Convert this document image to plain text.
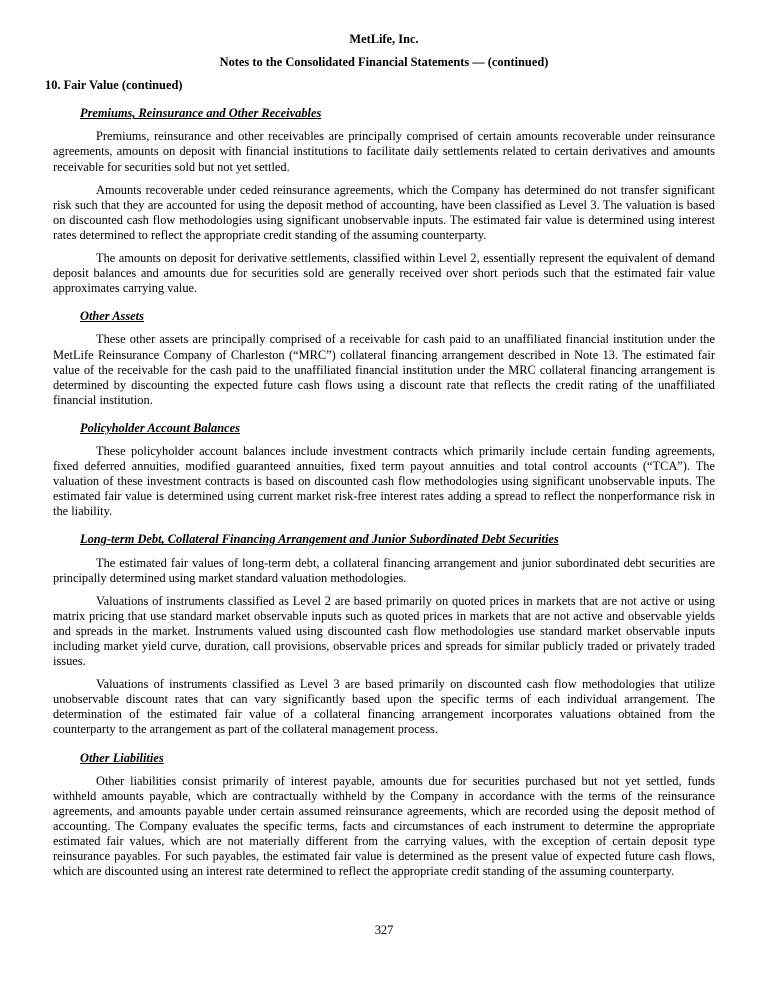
MetLife, Inc.
Notes to the Consolidated Financial Statements — (continued)
10. Fair Value (continued)
Premiums, Reinsurance and Other Receivables

Premiums, reinsurance and other receivables are principally comprised of certain amounts recoverable under reinsurance agreements, amounts on deposit with financial institutions to facilitate daily settlements related to certain derivatives and amounts receivable for securities sold but not yet settled.

Amounts recoverable under ceded reinsurance agreements, which the Company has determined do not transfer significant risk such that they are accounted for using the deposit method of accounting, have been classified as Level 3. The valuation is based on discounted cash flow methodologies using significant unobservable inputs. The estimated fair value is determined using interest rates determined to reflect the appropriate credit standing of the assuming counterparty.

The amounts on deposit for derivative settlements, classified within Level 2, essentially represent the equivalent of demand deposit balances and amounts due for securities sold are generally received over short periods such that the estimated fair value approximates carrying value.

Other Assets

These other assets are principally comprised of a receivable for cash paid to an unaffiliated financial institution under the MetLife Reinsurance Company of Charleston (“MRC”) collateral financing arrangement described in Note 13. The estimated fair value of the receivable for the cash paid to the unaffiliated financial institution under the MRC collateral financing arrangement is determined by discounting the expected future cash flows using a discount rate that reflects the credit rating of the unaffiliated financial institution.

Policyholder Account Balances

These policyholder account balances include investment contracts which primarily include certain funding agreements, fixed deferred annuities, modified guaranteed annuities, fixed term payout annuities and total control accounts (“TCA”). The valuation of these investment contracts is based on discounted cash flow methodologies using significant unobservable inputs. The estimated fair value is determined using current market risk-free interest rates adding a spread to reflect the nonperformance risk in the liability.

Long-term Debt, Collateral Financing Arrangement and Junior Subordinated Debt Securities

The estimated fair values of long-term debt, a collateral financing arrangement and junior subordinated debt securities are principally determined using market standard valuation methodologies.

Valuations of instruments classified as Level 2 are based primarily on quoted prices in markets that are not active or using matrix pricing that use standard market observable inputs such as quoted prices in markets that are not active and observable yields and spreads in the market. Instruments valued using discounted cash flow methodologies use standard market observable inputs including market yield curve, duration, call provisions, observable prices and spreads for similar publicly traded or privately traded issues.

Valuations of instruments classified as Level 3 are based primarily on discounted cash flow methodologies that utilize unobservable discount rates that can vary significantly based upon the specific terms of each individual arrangement. The determination of the estimated fair value of a collateral financing arrangement incorporates valuations obtained from the counterparty to the arrangement as part of the collateral management process.

Other Liabilities

Other liabilities consist primarily of interest payable, amounts due for securities purchased but not yet settled, funds withheld amounts payable, which are contractually withheld by the Company in accordance with the terms of the reinsurance agreements, and amounts payable under certain assumed reinsurance agreements, which are recorded using the deposit method of accounting. The Company evaluates the specific terms, facts and circumstances of each instrument to determine the appropriate estimated fair values, which are not materially different from the carrying values, with the exception of certain deposit type reinsurance payables. For such payables, the estimated fair value is determined as the present value of expected future cash flows, which are discounted using an interest rate determined to reflect the appropriate credit standing of the assuming counterparty.

327
